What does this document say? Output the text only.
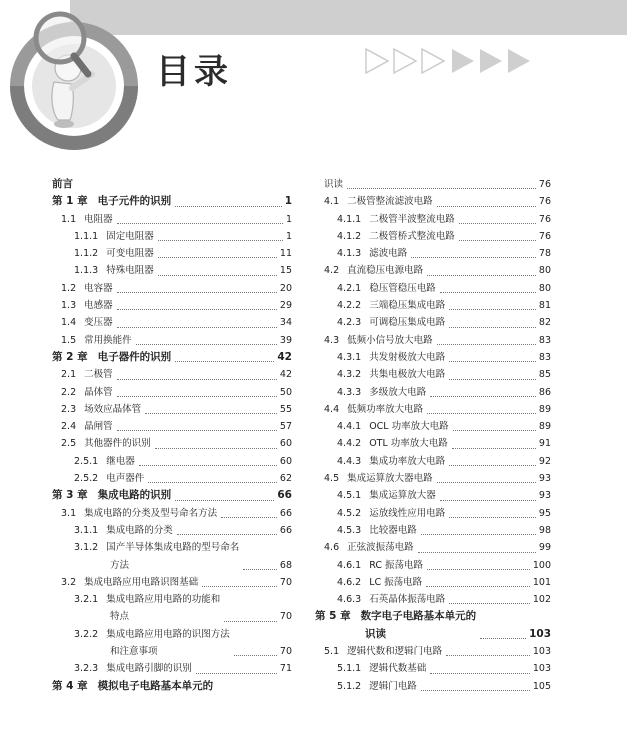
目录
前言
第 1 章 电子元件的识别	1
1.1 电阻器	1
1.1.1 固定电阻器	1
1.1.2 可变电阻器	11
1.1.3 特殊电阻器	15
1.2 电容器	20
1.3 电感器	29
1.4 变压器	34
1.5 常用换能件	39
第 2 章 电子器件的识别	42
2.1 二极管	42
2.2 晶体管	50
2.3 场效应晶体管	55
2.4 晶闸管	57
2.5 其他器件的识别	60
2.5.1 继电器	60
2.5.2 电声器件	62
第 3 章 集成电路的识别	66
3.1 集成电路的分类及型号命名方法	66
3.1.1 集成电路的分类	66
3.1.2 国产半导体集成电路的型号命名
方法	68
3.2 集成电路应用电路识图基础	70
3.2.1 集成电路应用电路的功能和
特点	70
3.2.2 集成电路应用电路的识图方法
和注意事项	70
3.2.3 集成电路引脚的识别	71
第 4 章 模拟电子电路基本单元的
识读	76
4.1 二极管整流滤波电路	76
4.1.1 二极管半波整流电路	76
4.1.2 二极管桥式整流电路	76
4.1.3 滤波电路	78
4.2 直流稳压电源电路	80
4.2.1 稳压管稳压电路	80
4.2.2 三端稳压集成电路	81
4.2.3 可调稳压集成电路	82
4.3 低频小信号放大电路	83
4.3.1 共发射极放大电路	83
4.3.2 共集电极放大电路	85
4.3.3 多级放大电路	86
4.4 低频功率放大电路	89
4.4.1 OCL 功率放大电路	89
4.4.2 OTL 功率放大电路	91
4.4.3 集成功率放大电路	92
4.5 集成运算放大器电路	93
4.5.1 集成运算放大器	93
4.5.2 运放线性应用电路	95
4.5.3 比较器电路	98
4.6 正弦波振荡电路	99
4.6.1 RC 振荡电路	100
4.6.2 LC 振荡电路	101
4.6.3 石英晶体振荡电路	102
第 5 章 数字电子电路基本单元的
识读	103
5.1 逻辑代数和逻辑门电路	103
5.1.1 逻辑代数基础	103
5.1.2 逻辑门电路	105
